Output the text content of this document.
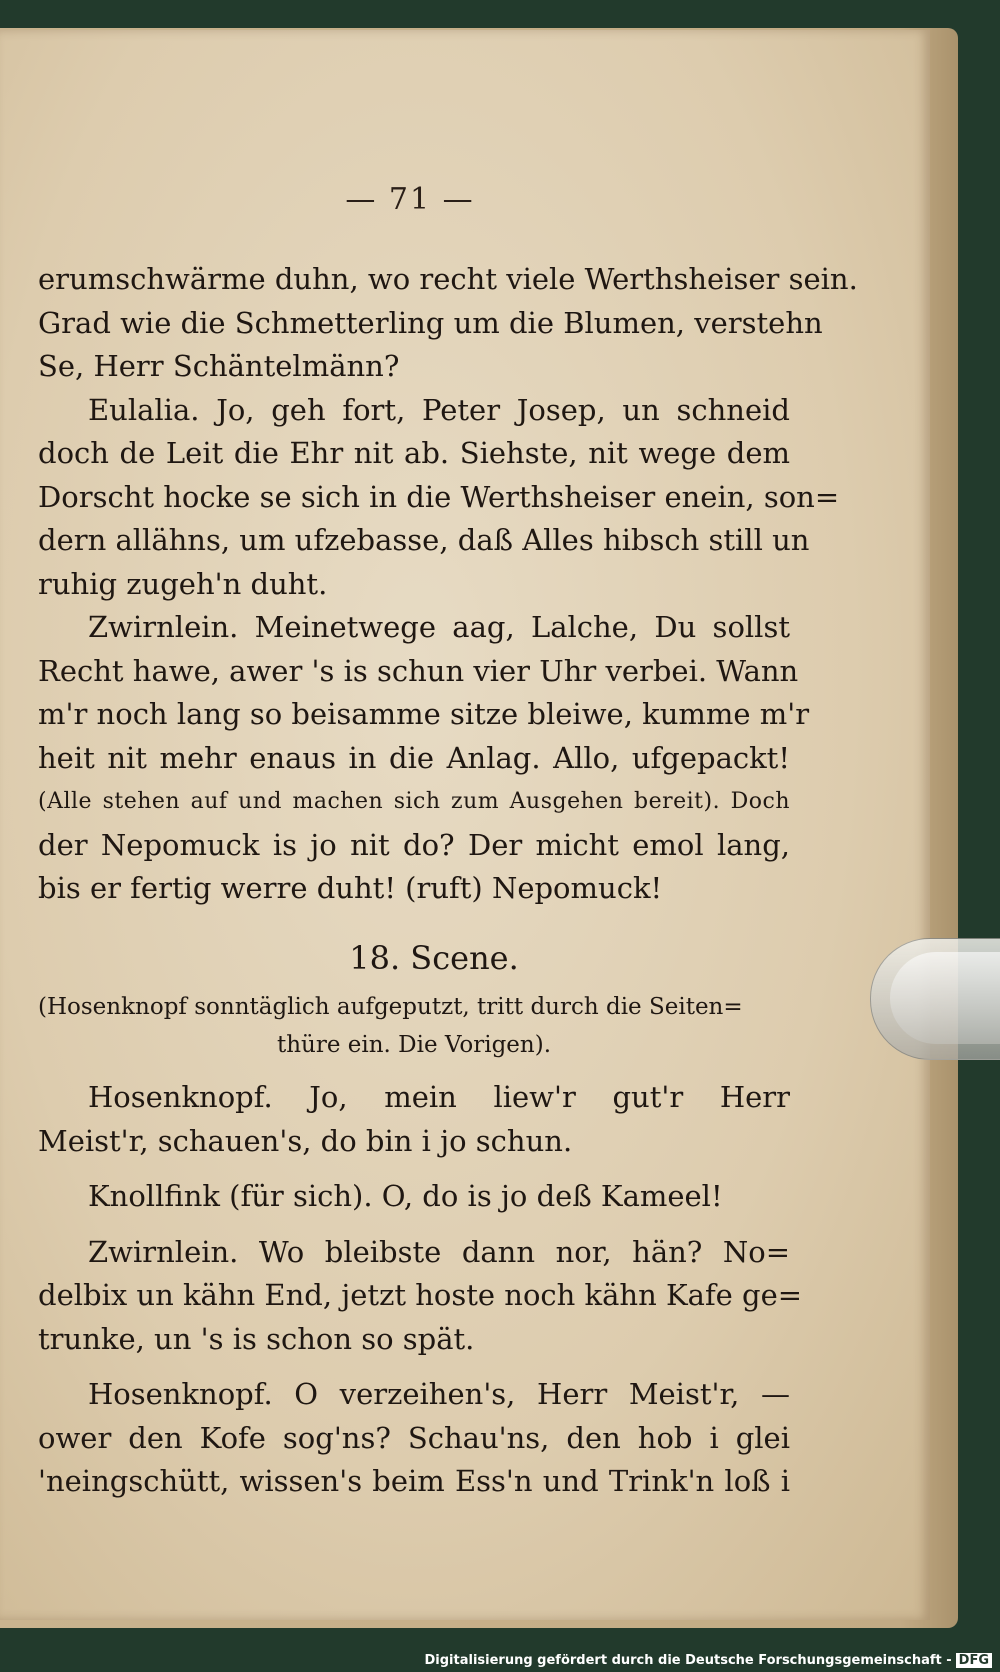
— 71 —
erumschwärme duhn, wo recht viele Werthsheiser sein.
Grad wie die Schmetterling um die Blumen, verstehn
Se, Herr Schäntelmänn?
Eulalia. Jo, geh fort, Peter Josep, un schneid
doch de Leit die Ehr nit ab. Siehste, nit wege dem
Dorscht hocke se sich in die Werthsheiser enein, son=
dern allähns, um ufzebasse, daß Alles hibsch still un
ruhig zugeh'n duht.
Zwirnlein. Meinetwege aag, Lalche, Du sollst
Recht hawe, awer 's is schun vier Uhr verbei. Wann
m'r noch lang so beisamme sitze bleiwe, kumme m'r
heit nit mehr enaus in die Anlag. Allo, ufgepackt!
(Alle stehen auf und machen sich zum Ausgehen bereit). Doch
der Nepomuck is jo nit do? Der micht emol lang,
bis er fertig werre duht! (ruft) Nepomuck!
18. Scene.
(Hosenknopf sonntäglich aufgeputzt, tritt durch die Seiten=
thüre ein. Die Vorigen).
Hosenknopf. Jo, mein liew'r gut'r Herr
Meist'r, schauen's, do bin i jo schun.
Knollfink (für sich). O, do is jo deß Kameel!
Zwirnlein. Wo bleibste dann nor, hän? No=
delbix un kähn End, jetzt hoste noch kähn Kafe ge=
trunke, un 's is schon so spät.
Hosenknopf. O verzeihen's, Herr Meist'r, —
ower den Kofe sog'ns? Schau'ns, den hob i glei
'neingschütt, wissen's beim Ess'n und Trink'n loß i
Digitalisierung gefördert durch die Deutsche Forschungsgemeinschaft - DFG
